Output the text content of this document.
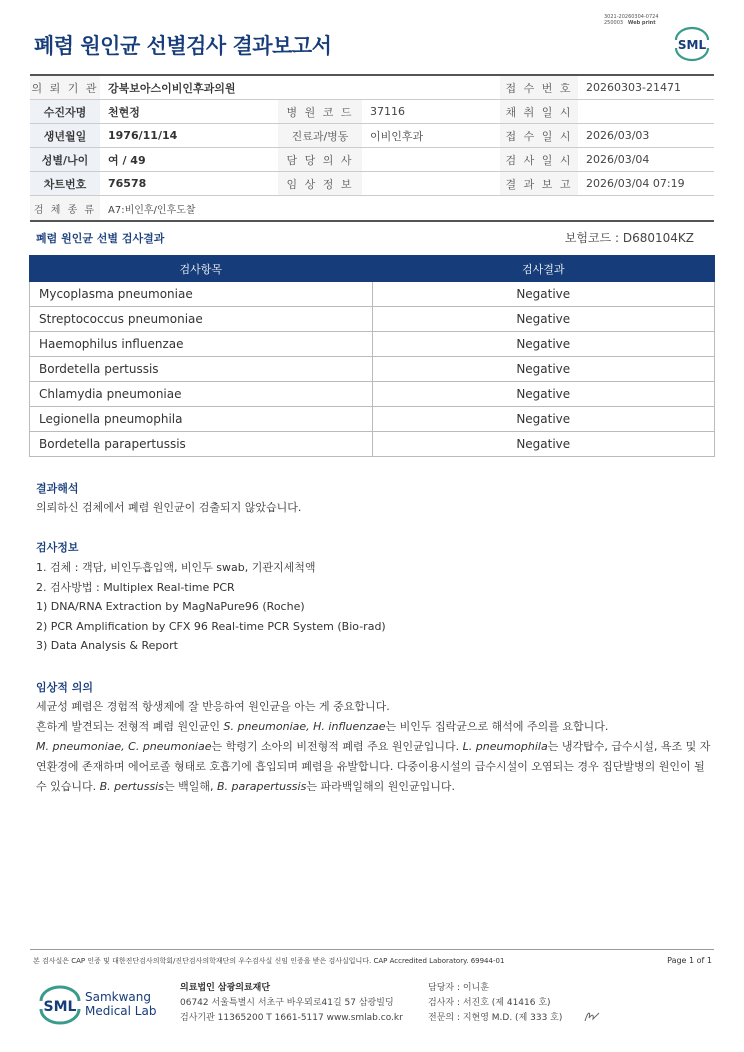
폐렴 원인균 선별검사 결과보고서
3021-20260304-0724
250003 Web print
SML
의 뢰 기 관	강북보아스이비인후과의원			접 수 번 호	20260303-21471
수진자명	천현정	병 원 코 드	37116	채 취 일 시	
생년월일	1976/11/14	진료과/병동	이비인후과	접 수 일 시	2026/03/03
성별/나이	여 / 49	담 당 의 사		검 사 일 시	2026/03/04
차트번호	76578	임 상 정 보		결 과 보 고	2026/03/04 07:19
검 체 종 류	A7:비인후/인후도찰				
폐렴 원인균 선별 검사결과	보험코드 : D680104KZ
검사항목	검사결과
Mycoplasma pneumoniae	Negative
Streptococcus pneumoniae	Negative
Haemophilus influenzae	Negative
Bordetella pertussis	Negative
Chlamydia pneumoniae	Negative
Legionella pneumophila	Negative
Bordetella parapertussis	Negative
결과해석
의뢰하신 검체에서 폐렴 원인균이 검출되지 않았습니다.
검사정보
1. 검체 : 객담, 비인두흡입액, 비인두 swab, 기관지세척액
2. 검사방법 : Multiplex Real-time PCR
1) DNA/RNA Extraction by MagNaPure96 (Roche)
2) PCR Amplification by CFX 96 Real-time PCR System (Bio-rad)
3) Data Analysis & Report
임상적 의의

세균성 폐렴은 경험적 항생제에 잘 반응하여 원인균을 아는 게 중요합니다.

흔하게 발견되는 전형적 폐렴 원인균인 S. pneumoniae, H. influenzae는 비인두 집락균으로 해석에 주의를 요합니다.

M. pneumoniae, C. pneumoniae는 학령기 소아의 비전형적 폐렴 주요 원인균입니다. L. pneumophila는 냉각탑수, 급수시설, 욕조 및 자연환경에 존재하며 에어로졸 형태로 호흡기에 흡입되며 폐렴을 유발합니다. 다중이용시설의 급수시설이 오염되는 경우 집단발병의 원인이 될 수 있습니다. B. pertussis는 백일해, B. parapertussis는 파라백일해의 원인균입니다.

본 검사실은 CAP 인증 및 대한진단검사의학회/진단검사의학재단의 우수검사실 신임 인증을 받은 검사실입니다. CAP Accredited Laboratory. 69944-01	Page 1 of 1
SML
Samkwang
Medical Lab
의료법인 삼광의료재단
06742 서울특별시 서초구 바우뫼로41길 57 삼광빌딩
검사기관 11365200 T 1661-5117 www.smlab.co.kr
담당자 : 이니훈
검사자 : 서진호 (제 41416 호)
전문의 : 지현영 M.D. (제 333 호)
